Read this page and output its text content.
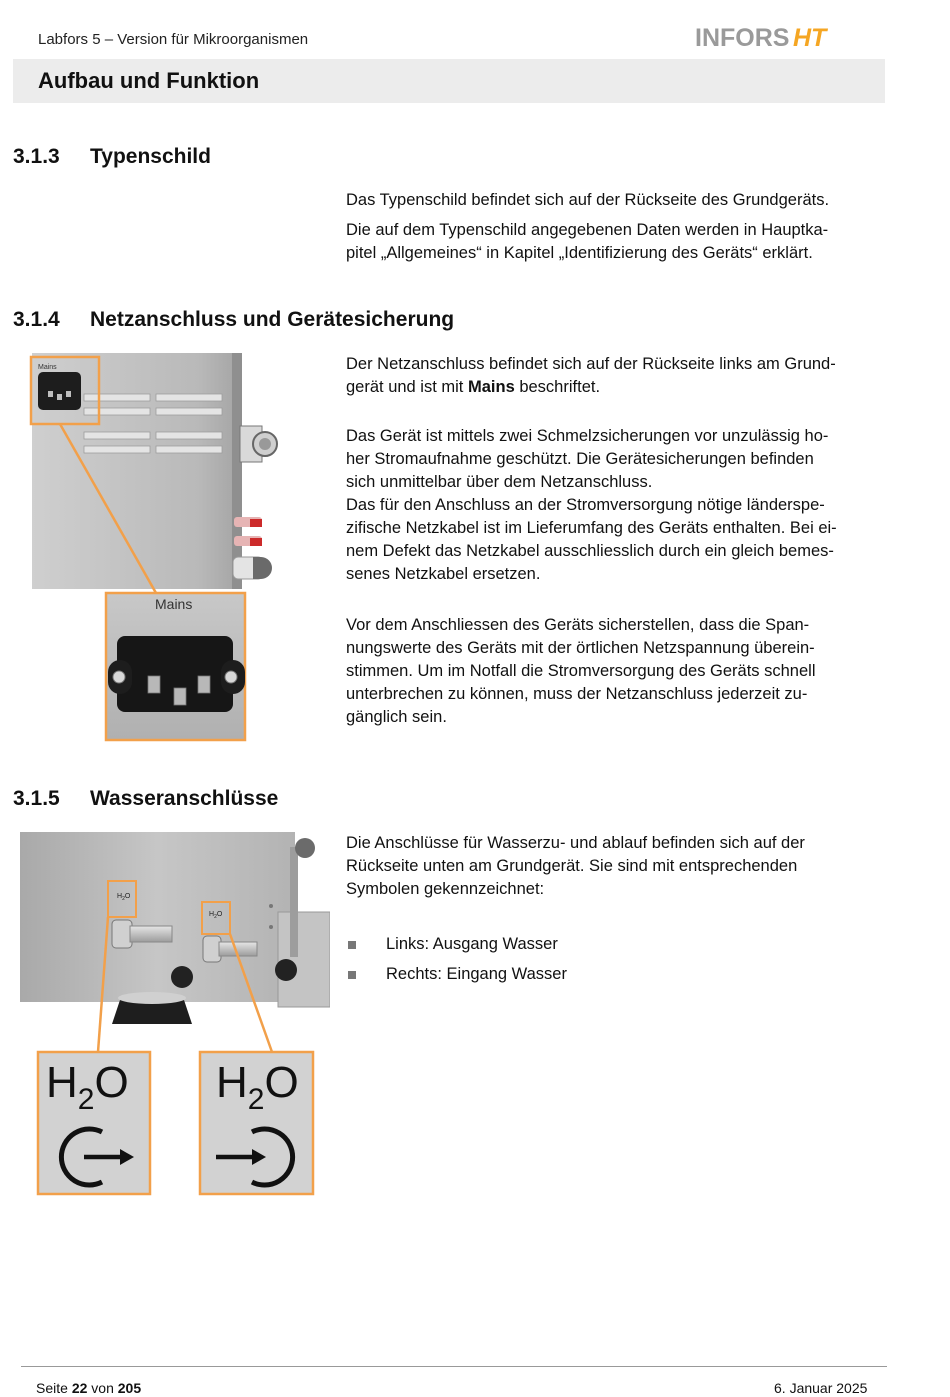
Labfors 5 – Version für Mikroorganismen	INFORS HT
Aufbau und Funktion
3.1.3 Typenschild

Das Typenschild befindet sich auf der Rückseite des Grundgeräts.

Die auf dem Typenschild angegebenen Daten werden in Hauptka-

pitel „Allgemeines“ in Kapitel „Identifizierung des Geräts“ erklärt.

3.1.4 Netzanschluss und Gerätesicherung

Der Netzanschluss befindet sich auf der Rückseite links am Grund-

gerät und ist mit Mains beschriftet.

Das Gerät ist mittels zwei Schmelzsicherungen vor unzulässig ho-

her Stromaufnahme geschützt. Die Gerätesicherungen befinden

sich unmittelbar über dem Netzanschluss.

Das für den Anschluss an der Stromversorgung nötige länderspe-

zifische Netzkabel ist im Lieferumfang des Geräts enthalten. Bei ei-

nem Defekt das Netzkabel ausschliesslich durch ein gleich bemes-

senes Netzkabel ersetzen.

Vor dem Anschliessen des Geräts sicherstellen, dass die Span-

nungswerte des Geräts mit der örtlichen Netzspannung überein-

stimmen. Um im Notfall die Stromversorgung des Geräts schnell

unterbrechen zu können, muss der Netzanschluss jederzeit zu-

gänglich sein.

Mains
Mains
3.1.5 Wasseranschlüsse

Die Anschlüsse für Wasserzu- und ablauf befinden sich auf der

Rückseite unten am Grundgerät. Sie sind mit entsprechenden

Symbolen gekennzeichnet:

Links: Ausgang Wasser
Rechts: Eingang Wasser
$H_2O$
$H_2O$
$H_2O$ $H_2O$
Seite 22 von 205	6. Januar 2025
